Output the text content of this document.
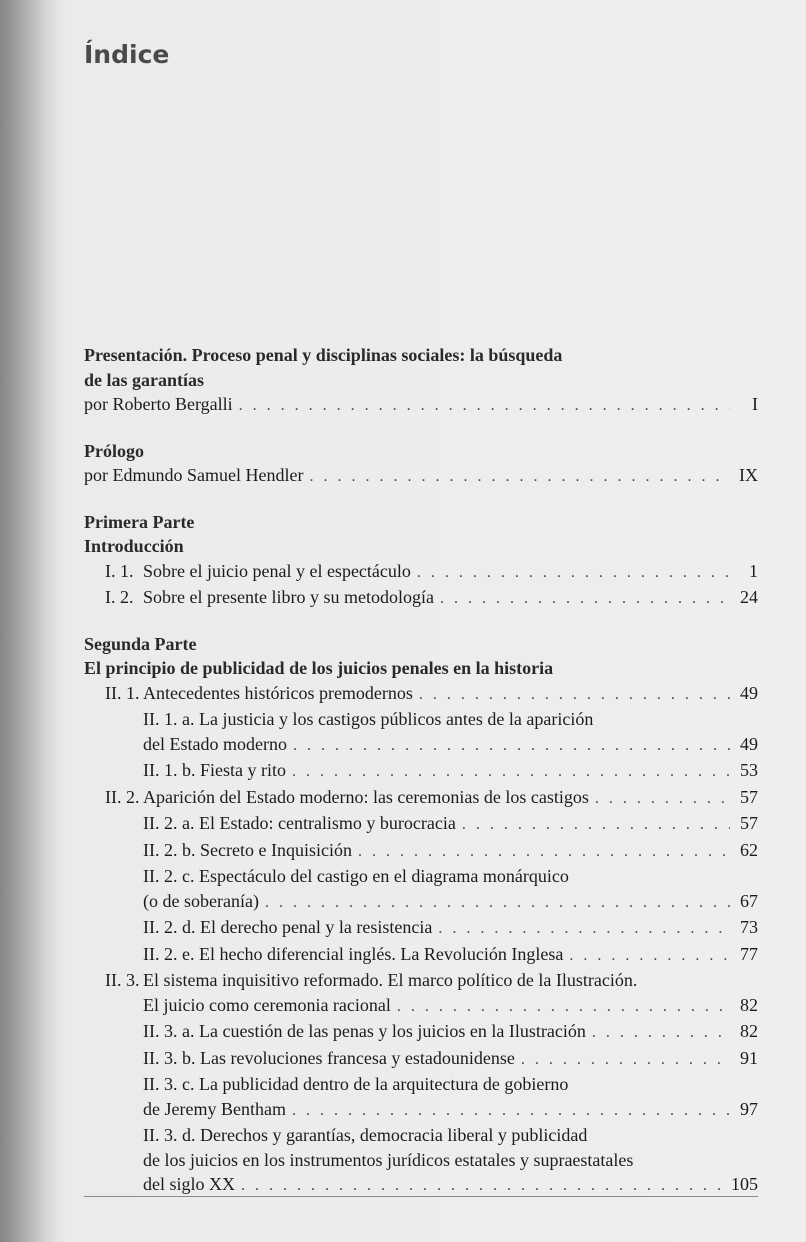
Índice
Presentación. Proceso penal y disciplinas sociales: la búsqueda
de las garantías
por Roberto Bergalli . . .	I
Prólogo
por Edmundo Samuel Hendler . . .	IX
Primera Parte
Introducción
I. 1. Sobre el juicio penal y el espectáculo . . .	1
I. 2. Sobre el presente libro y su metodología . . .	24
Segunda Parte
El principio de publicidad de los juicios penales en la historia
II. 1. Antecedentes históricos premodernos . . .	49
II. 1. a. La justicia y los castigos públicos antes de la aparición
del Estado moderno . . .	49
II. 1. b. Fiesta y rito . . .	53
II. 2. Aparición del Estado moderno: las ceremonias de los castigos . . .	57
II. 2. a. El Estado: centralismo y burocracia . . .	57
II. 2. b. Secreto e Inquisición . . .	62
II. 2. c. Espectáculo del castigo en el diagrama monárquico
(o de soberanía) . . .	67
II. 2. d. El derecho penal y la resistencia . . .	73
II. 2. e. El hecho diferencial inglés. La Revolución Inglesa . . .	77
II. 3. El sistema inquisitivo reformado. El marco político de la Ilustración.
El juicio como ceremonia racional . . .	82
II. 3. a. La cuestión de las penas y los juicios en la Ilustración . . .	82
II. 3. b. Las revoluciones francesa y estadounidense . . .	91
II. 3. c. La publicidad dentro de la arquitectura de gobierno
de Jeremy Bentham . . .	97
II. 3. d. Derechos y garantías, democracia liberal y publicidad
de los juicios en los instrumentos jurídicos estatales y supraestatales
del siglo XX . . .	105
